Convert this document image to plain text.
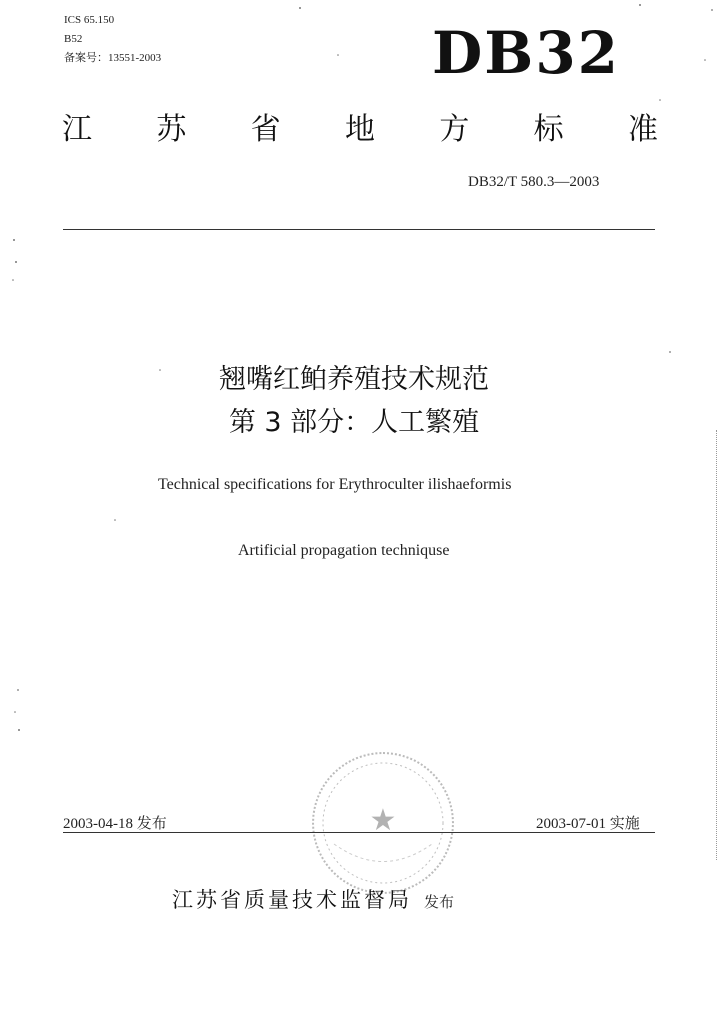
ICS 65.150
B52
备案号：13551-2003	DB32
江 苏 省 地 方 标 准
DB32/T 580.3—2003
翘嘴红鲌养殖技术规范
第 3 部分：人工繁殖
Technical specifications for Erythroculter ilishaeformis
Artificial propagation techniquse
★
2003-04-18 发布	2003-07-01 实施
江苏省质量技术监督局 发布
